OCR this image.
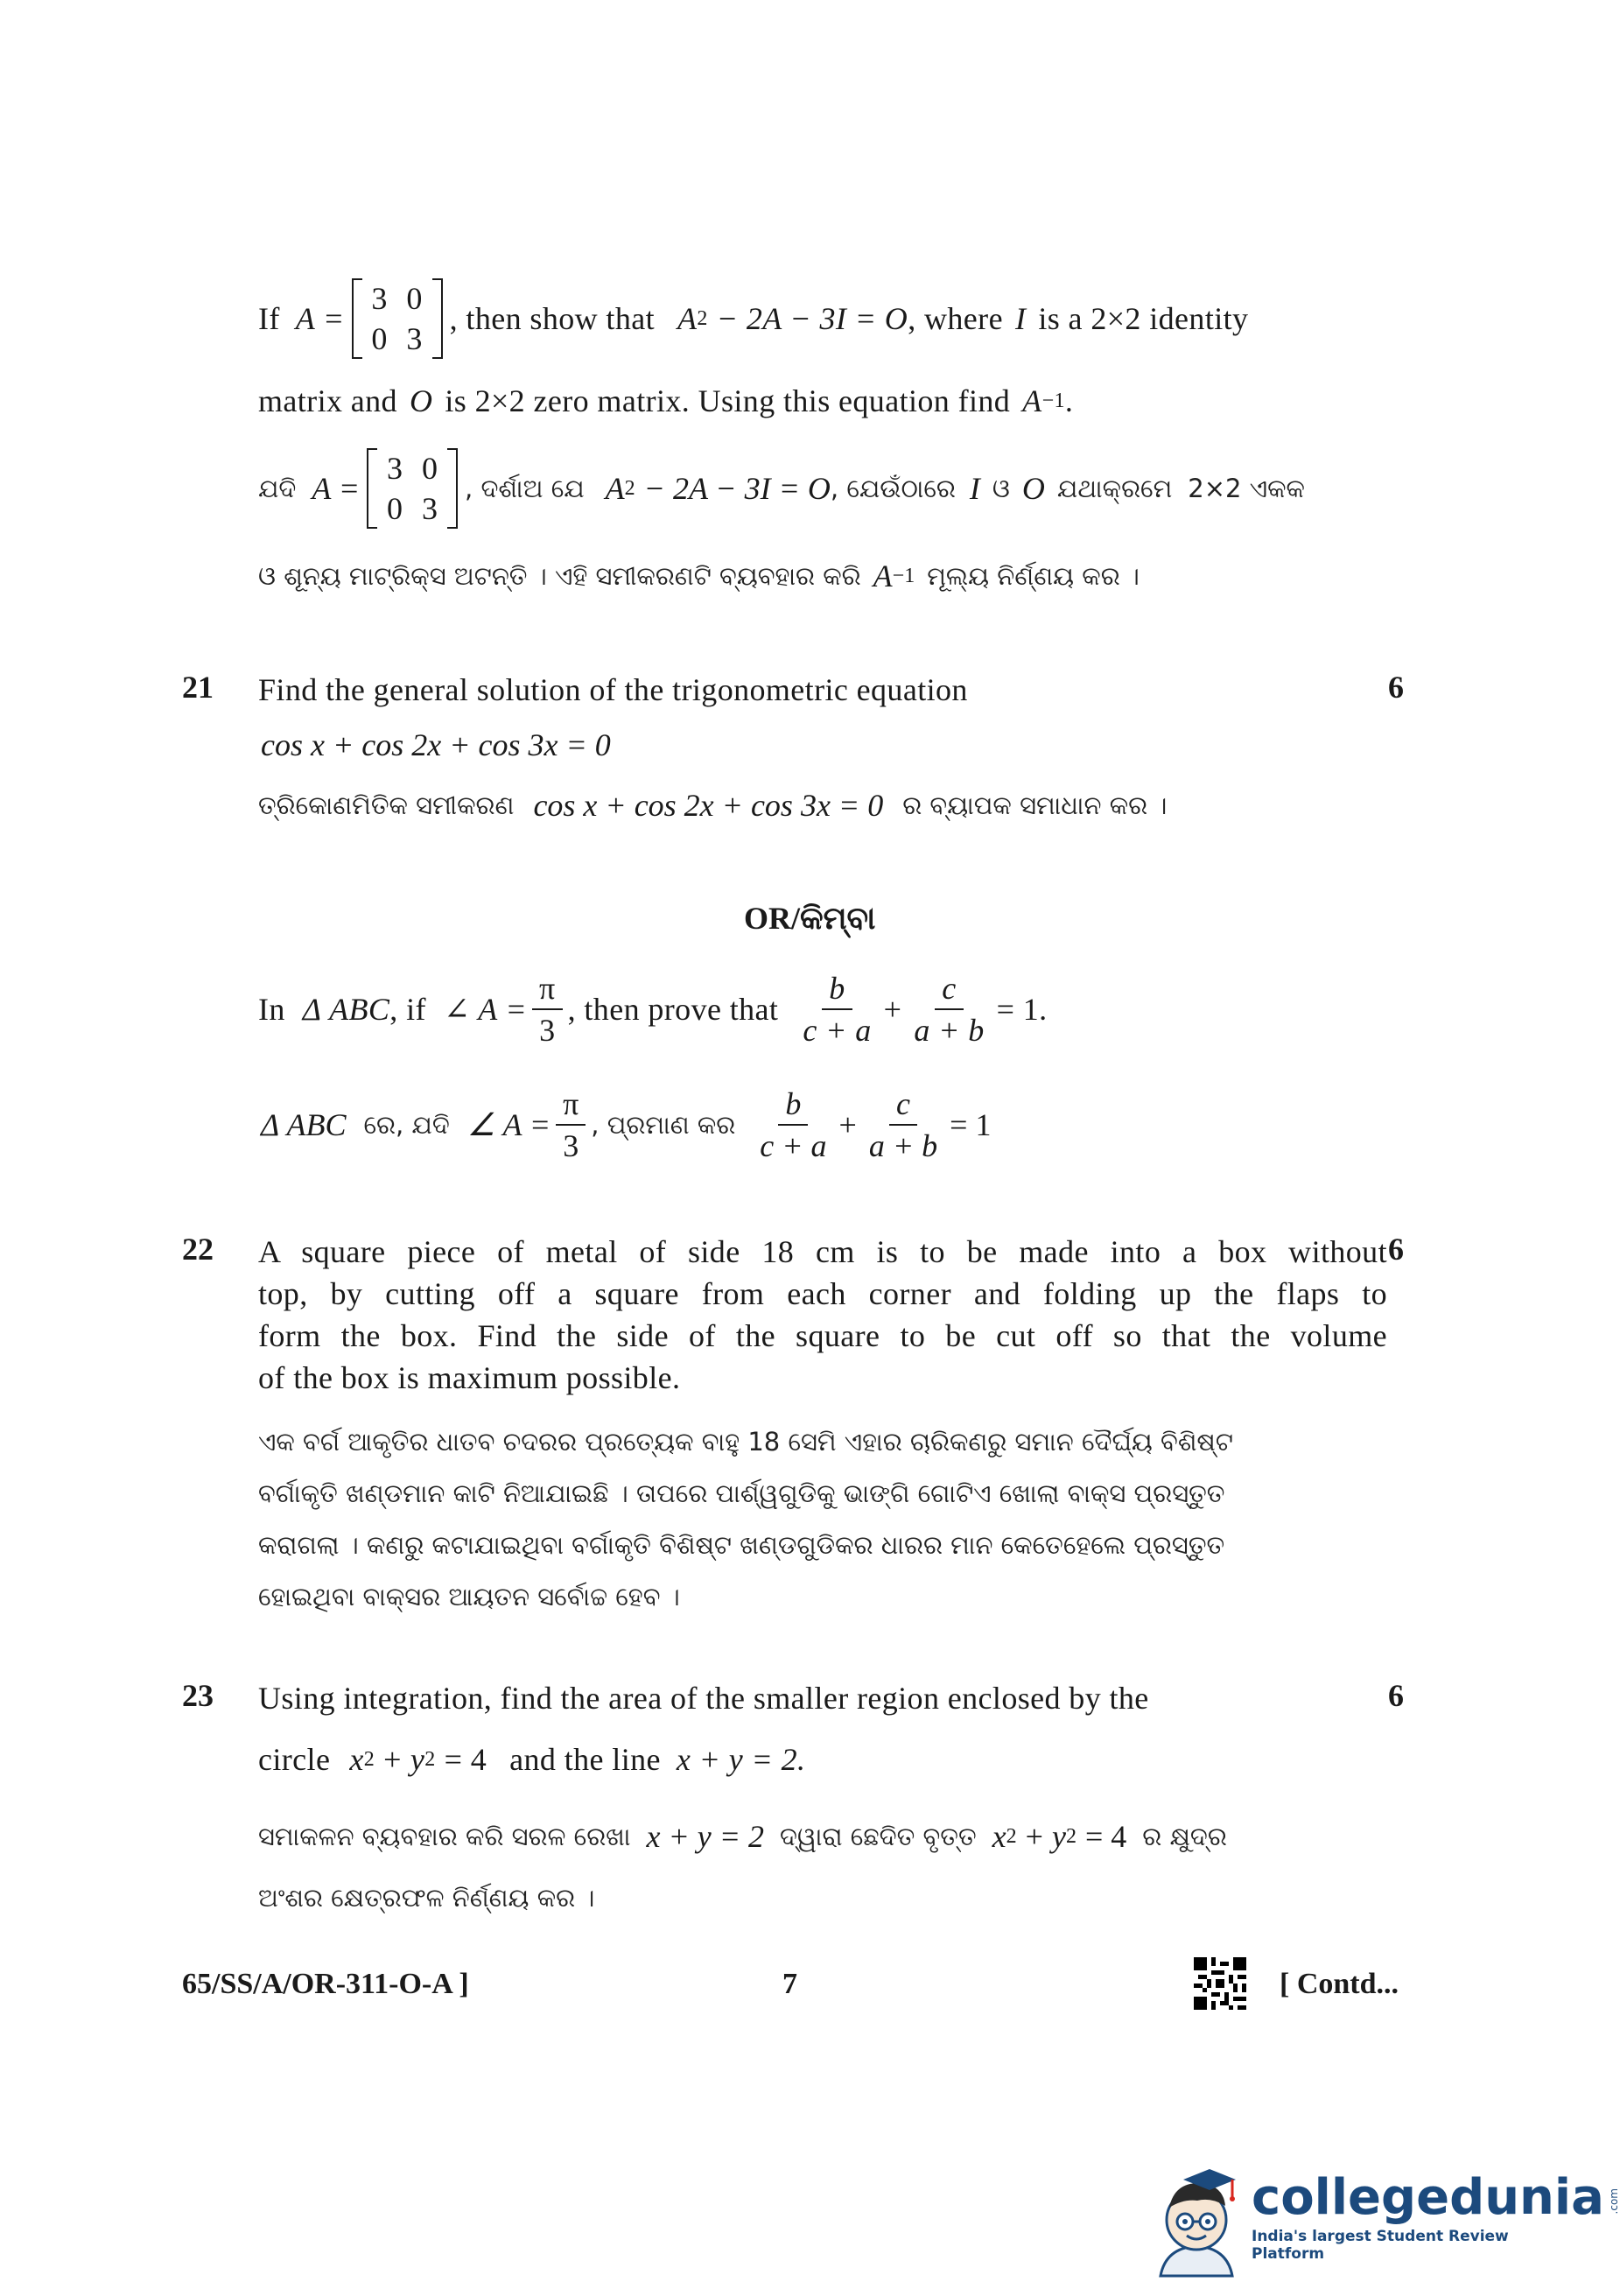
If A =
3 0
0 3
, then show that A 2 − 2A − 3I = O , where I is a 2×2 identity
matrix and O is 2×2 zero matrix. Using this equation find A −1 .
ଯଦି A =
3 0
0 3
, ଦର୍ଶାଅ ଯେ A 2 − 2A − 3I = O , ଯେଉଁଠାରେ I ଓ O ଯଥାକ୍ରମେ 2×2 ଏକକ
ଓ ଶୂନ୍ୟ ମାଟ୍ରିକ୍ସ ଅଟନ୍ତି । ଏହି ସମୀକରଣଟି ବ୍ୟବହାର କରି A −1 ମୂଲ୍ୟ ନିର୍ଣ୍ଣୟ କର ।
21	6
Find the general solution of the trigonometric equation
cos x + cos 2x + cos 3x = 0
ତ୍ରିକୋଣମିତିକ ସମୀକରଣ cos x + cos 2x + cos 3x = 0 ର ବ୍ୟାପକ ସମାଧାନ କର ।
OR/କିମ୍ବା
In Δ ABC , if ∠ $A = \frac{\pi}{3}$ , then prove that $\frac{b}{c + a} + \frac{c}{a + b} = 1$.
Δ ABC ରେ, ଯଦି ∠ $A = \frac{\pi}{3}$ , ପ୍ରମାଣ କର $\frac{b}{c + a} + \frac{c}{a + b} = 1$
22	6
A square piece of metal of side 18 cm is to be made into a box without
top, by cutting off a square from each corner and folding up the flaps to
form the box. Find the side of the square to be cut off so that the volume
of the box is maximum possible.
ଏକ ବର୍ଗ ଆକୃତିର ଧାତବ ଚଦରର ପ୍ରତ୍ୟେକ ବାହୁ 18 ସେମି ଏହାର ଚାରିକଣରୁ ସମାନ ଦୈର୍ଘ୍ୟ ବିଶିଷ୍ଟ
ବର୍ଗାକୃତି ଖଣ୍ଡମାନ କାଟି ନିଆଯାଇଛି । ତାପରେ ପାର୍ଶ୍ୱଗୁଡିକୁ ଭାଙ୍ଗି ଗୋଟିଏ ଖୋଲା ବାକ୍ସ ପ୍ରସ୍ତୁତ
କରାଗଲା । କଣରୁ କଟାଯାଇଥିବା ବର୍ଗାକୃତି ବିଶିଷ୍ଟ ଖଣ୍ଡଗୁଡିକର ଧାରର ମାନ କେତେହେଲେ ପ୍ରସ୍ତୁତ
ହୋଇଥିବା ବାକ୍ସର ଆୟତନ ସର୍ବୋଚ୍ଚ ହେବ ।
23	6
Using integration, find the area of the smaller region enclosed by the
circle x 2 + y 2 = 4 and the line x + y = 2.
ସମାକଳନ ବ୍ୟବହାର କରି ସରଳ ରେଖା x + y = 2 ଦ୍ୱାରା ଛେଦିତ ବୃତ୍ତ x 2 + y 2 = 4 ର କ୍ଷୁଦ୍ର
ଅଂଶର କ୍ଷେତ୍ରଫଳ ନିର୍ଣ୍ଣୟ କର ।
65/SS/A/OR-311-O-A ]	7	[ Contd...
collegedunia .com
India's largest Student Review Platform
